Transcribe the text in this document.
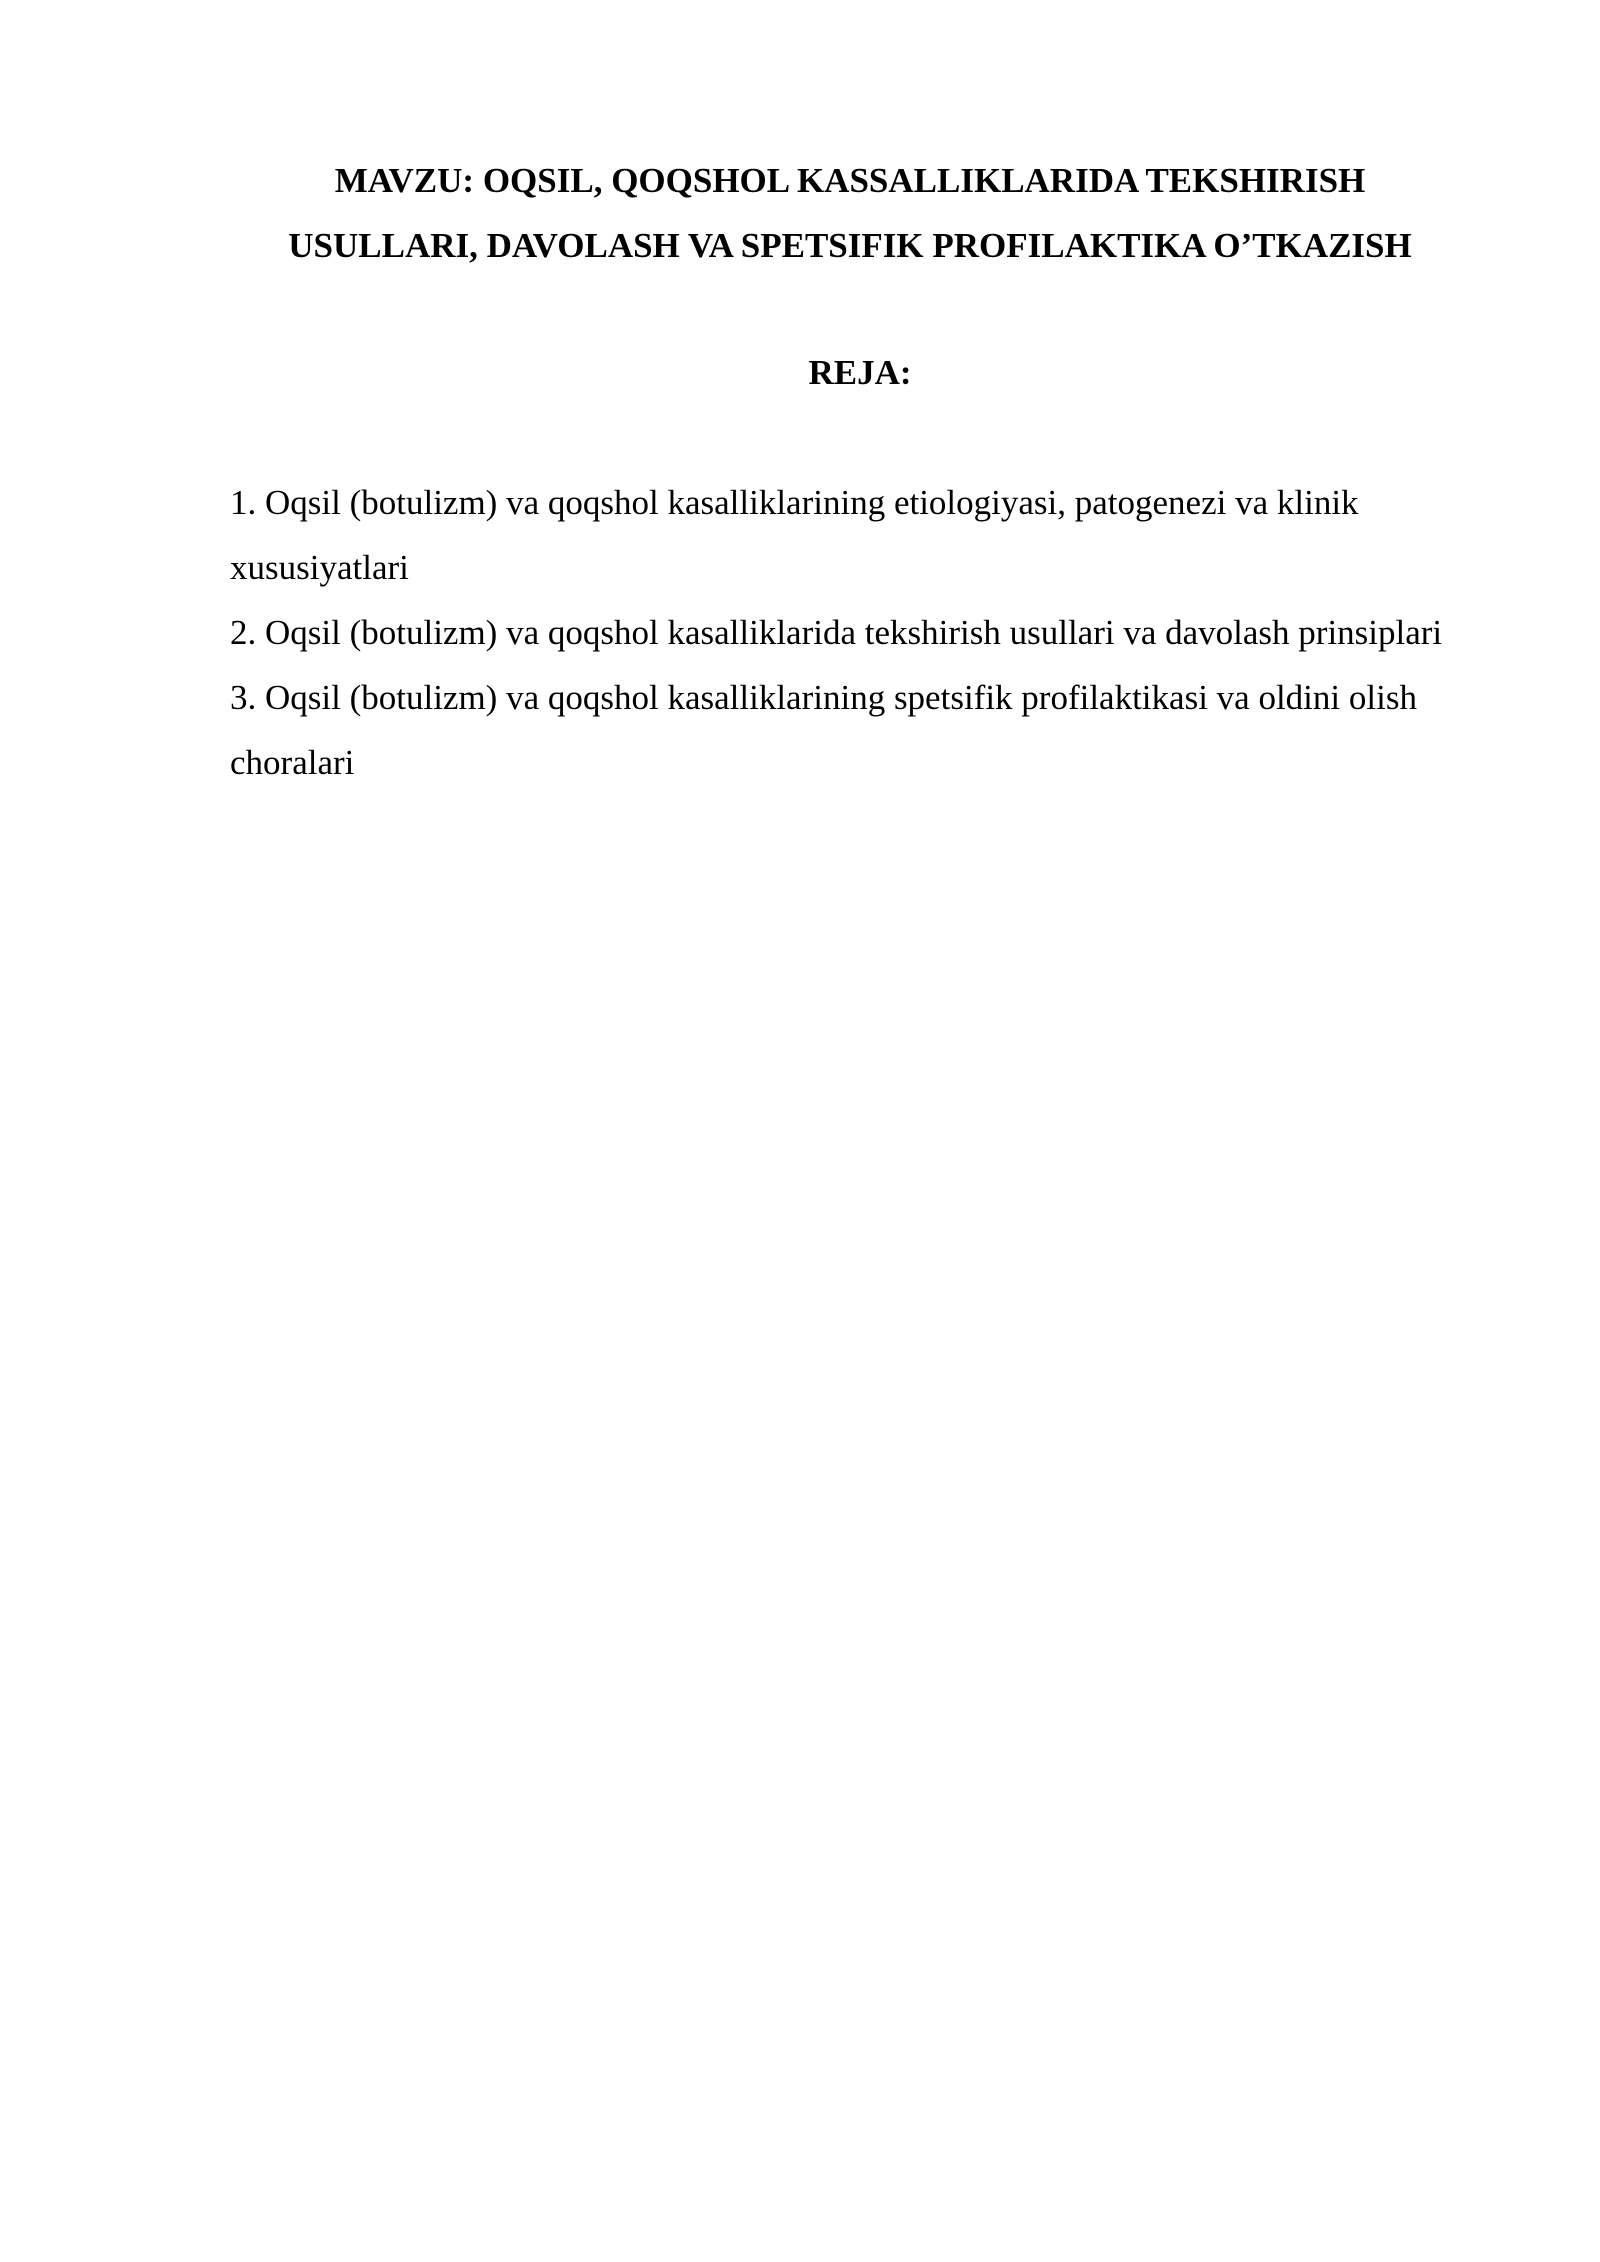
MAVZU: OQSIL, QOQSHOL KASSALLIKLARIDA TEKSHIRISH
USULLARI, DAVOLASH VA SPETSIFIK PROFILAKTIKA O’TKAZISH
REJA:
1. Oqsil (botulizm) va qoqshol kasalliklarining etiologiyasi, patogenezi va klinik xususiyatlari
2. Oqsil (botulizm) va qoqshol kasalliklarida tekshirish usullari va davolash prinsiplari
3. Oqsil (botulizm) va qoqshol kasalliklarining spetsifik profilaktikasi va oldini olish choralari
